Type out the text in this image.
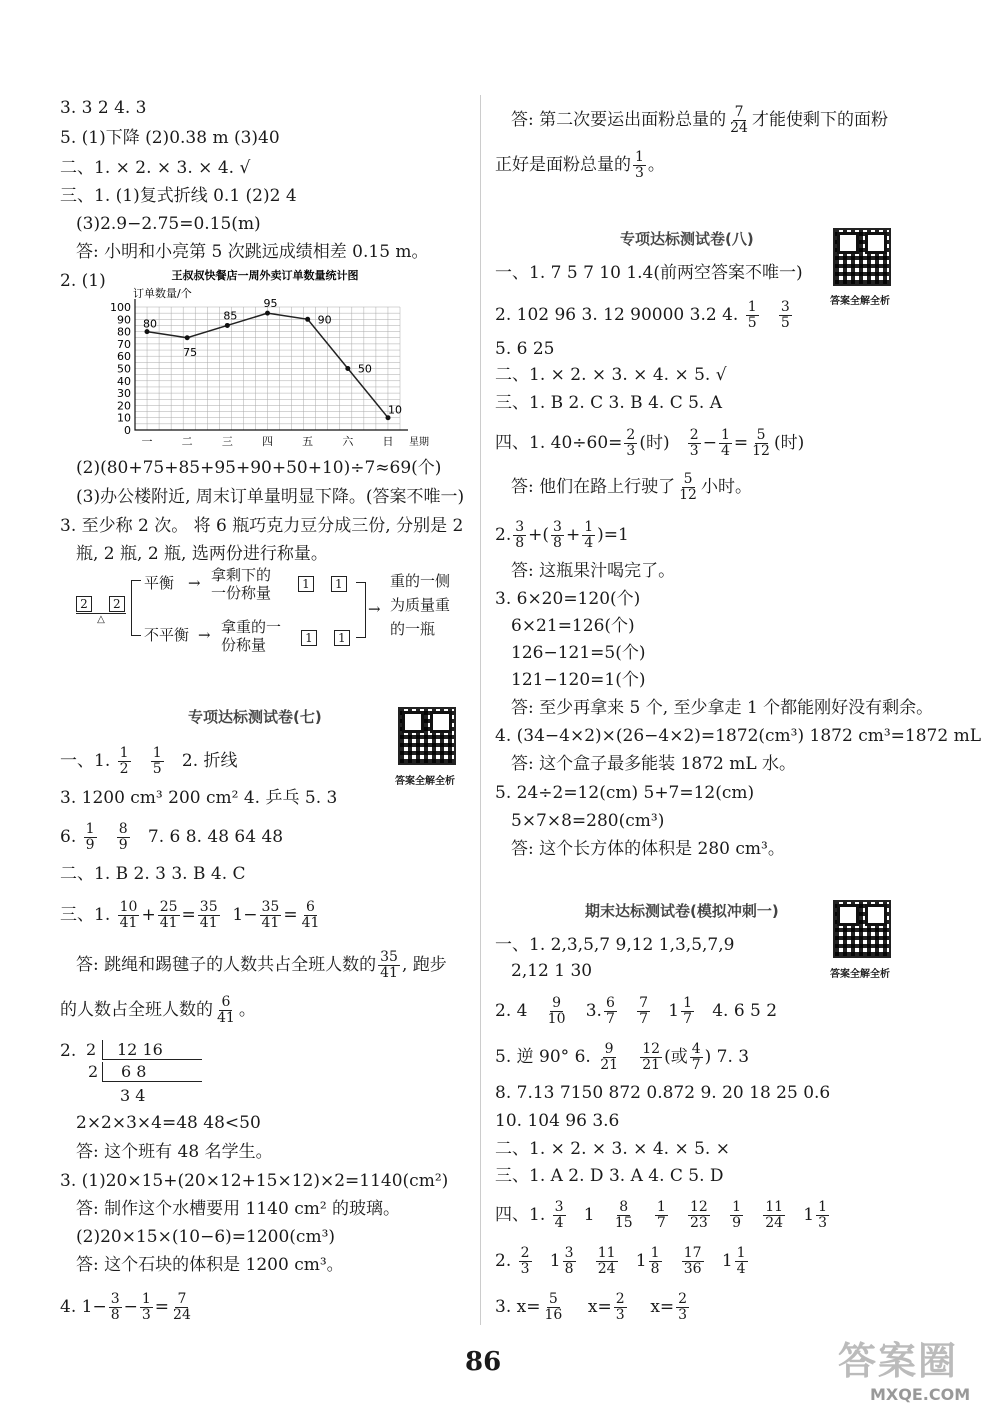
3. 3 2 4. 3
5. (1)下降 (2)0.38 m (3)40
二、1. × 2. × 3. × 4. √
三、1. (1)复式折线 0.1 (2)2 4
(3)2.9−2.75=0.15(m)
答: 小明和小亮第 5 次跳远成绩相差 0.15 m。
2. (1)	王叔叔快餐店一周外卖订单数量统计图
订单数量/个
星期
0
10
20
30
40
50
60
70
80
90
100
一	二	三	四	五	六	日
80
75
85
95
90
50
10
(2)(80+75+85+95+90+50+10)÷7≈69(个)
(3)办公楼附近, 周末订单量明显下降。(答案不唯一)
3. 至少称 2 次。 将 6 瓶巧克力豆分成三份, 分别是 2
瓶, 2 瓶, 2 瓶, 选两份进行称量。
2 2
△
平衡 → 拿剩下的
一份称量
不平衡 → 拿重的一
份称量
1 1
1 1
→
重的一侧
为质量重
的一瓶
专项达标测试卷(七)
答案全解全析
一、1. $\frac{1}{2}$
$\frac{1}{5} 2$. 折线
3. 1200 cm³ 200 cm² 4. 乒乓 5. 3
6. $\frac{1}{9}$
$\frac{8}{9} 7$. 6 8. 48 64 48
二、1. B 2. 3 3. B 4. C
三、1. $\frac{10}{41} + \frac{25}{41} = \frac{35}{41} 1- \frac{35}{41} = \frac{6}{41}$
答: 跳绳和踢毽子的人数共占全班人数的 $\frac{35}{41}$ , 跑步
的人数占全班人数的 $\frac{6}{41}$ 。
2. 2	12 16
2	6 8
3 4
2×2×3×4=48 48<50
答: 这个班有 48 名学生。
3. (1)20×15+(20×12+15×12)×2=1140(cm²)
答: 制作这个水槽要用 1140 cm² 的玻璃。
(2)20×15×(10−6)=1200(cm³)
答: 这个石块的体积是 1200 cm³。
4. $1- \frac{3}{8} - \frac{1}{3} = \frac{7}{24}$
答: 第二次要运出面粉总量的 $\frac{7}{24}$ 才能使剩下的面粉
正好是面粉总量的 $\frac{1}{3}$ 。
专项达标测试卷(八)
答案全解全析
一、1. 7 5 7 10 1.4(前两空答案不唯一)
2. 102 96 3. 12 90000 3.2 4. $\frac{1}{5}$
$\frac{3}{5}$
5. 6 25
二、1. × 2. × 3. × 4. × 5. √
三、1. B 2. C 3. B 4. C 5. A
四、1. $40\div 60= \frac{2}{3}$ (时) $\frac{2}{3} - \frac{1}{4} = \frac{5}{12}$ (时)
答: 他们在路上行驶了 $\frac{5}{12}$ 小时。
2. $\frac{3}{8}$ +( $\frac{3}{8} + \frac{1}{4} )=1$
答: 这瓶果汁喝完了。
3. 6×20=120(个)
6×21=126(个)
126−121=5(个)
121−120=1(个)
答: 至少再拿来 5 个, 至少拿走 1 个都能刚好没有剩余。
4. (34−4×2)×(26−4×2)=1872(cm³) 1872 cm³=1872 mL
答: 这个盒子最多能装 1872 mL 水。
5. 24÷2=12(cm) 5+7=12(cm)
5×7×8=280(cm³)
答: 这个长方体的体积是 280 cm³。
期末达标测试卷(模拟冲刺一)
答案全解全析
一、1. 2,3,5,7 9,12 1,3,5,7,9
2,12 1 30
2. $4 \frac{9}{10} 3$. $\frac{6}{7}$
$\frac{7}{7} 1 \frac{1}{7} 4$. 6 5 2
5. 逆 90° 6. $\frac{9}{21}$
$\frac{12}{21}$ (或 $\frac{4}{7}$ ) 7. 3
8. 7.13 7150 872 0.872 9. 20 18 25 0.6
10. 104 96 3.6
二、1. × 2. × 3. × 4. × 5. ×
三、1. A 2. D 3. A 4. C 5. D
四、1. $\frac{3}{4} 1 \frac{8}{15}$
$\frac{1}{7}$
$\frac{12}{23}$
$\frac{1}{9}$
$\frac{11}{24} 1 \frac{1}{3}$
2. $\frac{2}{3} 1 \frac{3}{8}$
$\frac{11}{24} 1 \frac{1}{8}$
$\frac{17}{36} 1 \frac{1}{4}$
3. $x= \frac{5}{16} x= \frac{2}{3} x= \frac{2}{3}$
86	答案圈
MXQE.COM
